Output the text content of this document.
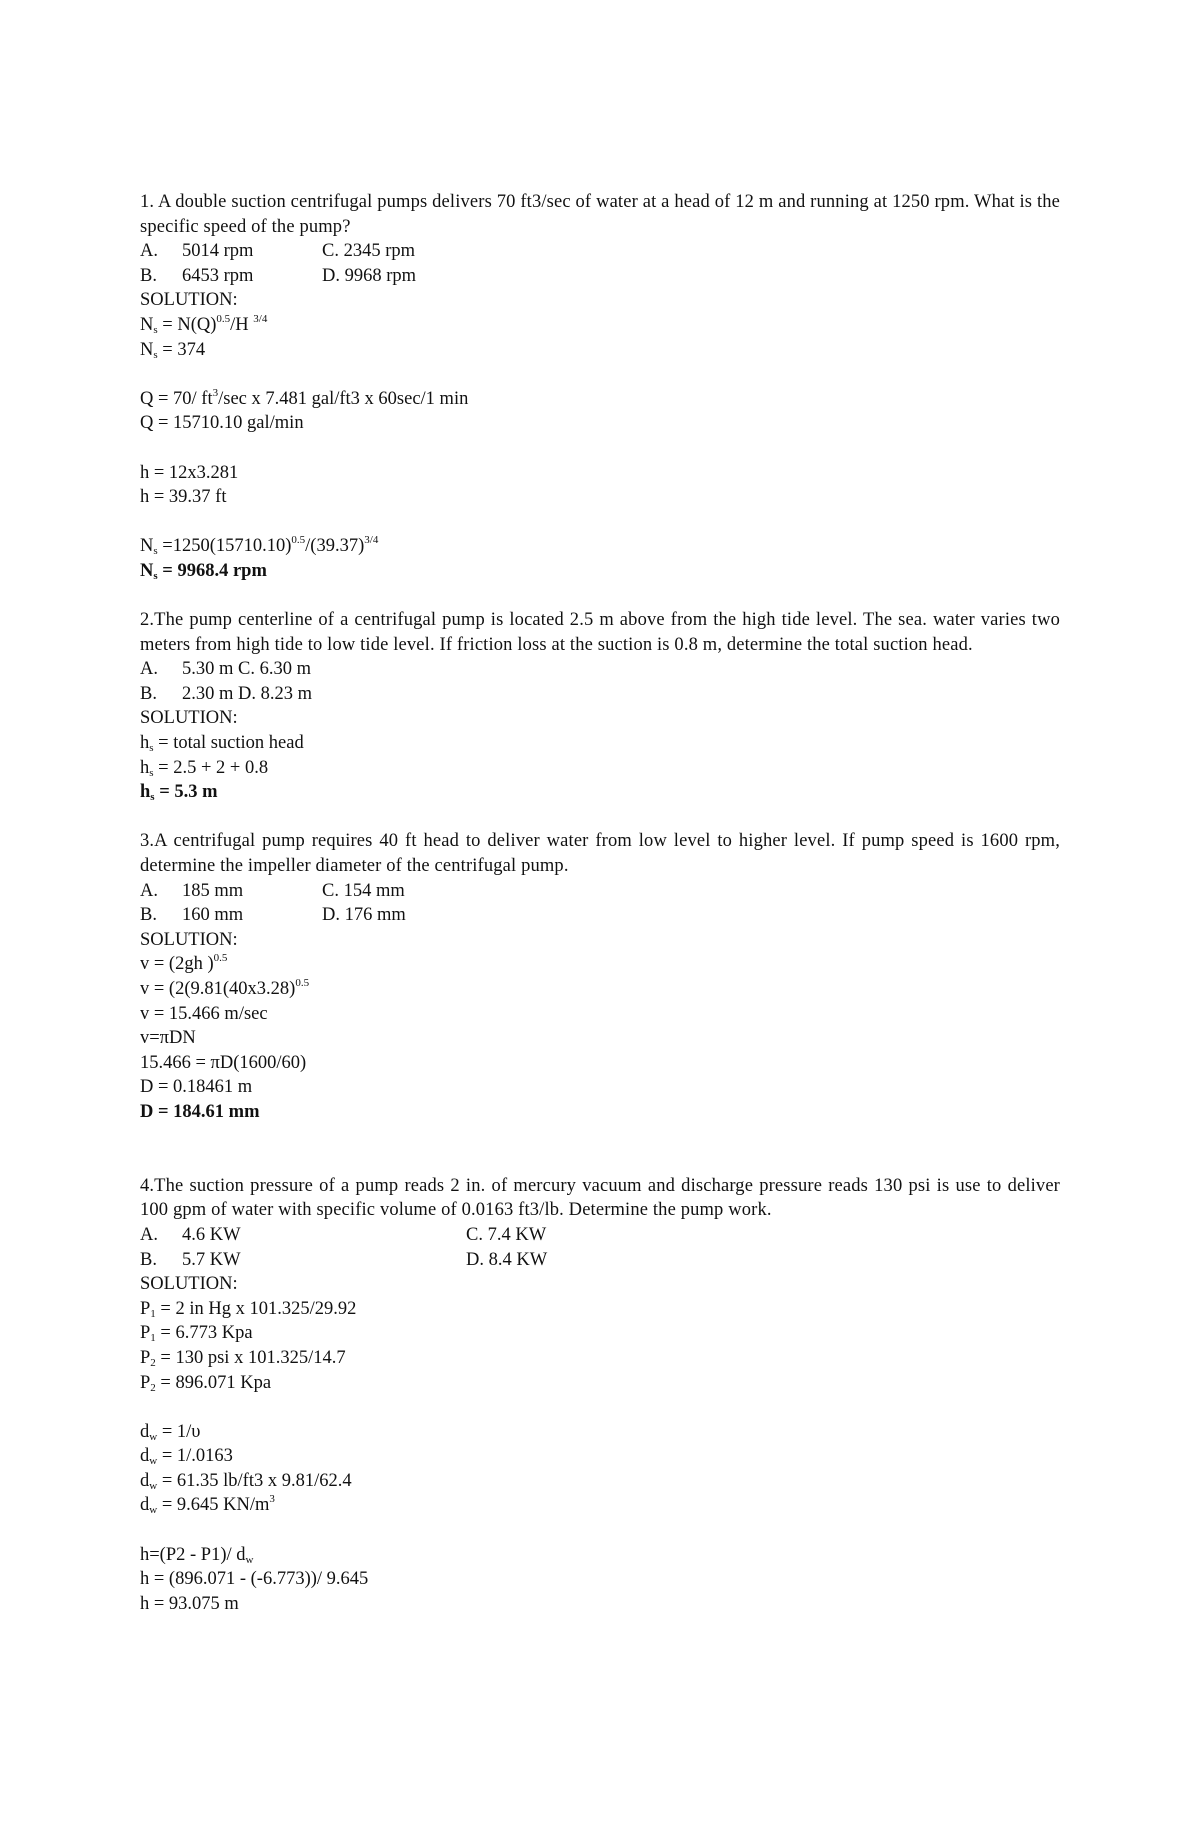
1. A double suction centrifugal pumps delivers 70 ft3/sec of water at a head of 12 m and running at 1250 rpm. What is the specific speed of the pump?
A.	5014 rpm	C. 2345 rpm
B.	6453 rpm	D. 9968 rpm
SOLUTION:
$N_s = N(Q)^{0.5}/H$ $^{3/4}$
$N_s = 374$
Q = 70/ $ft^3/\sec$ x 7.481 gal/ft3 x 60sec/1 min
Q = 15710.10 gal/min
h = 12x3.281
h = 39.37 ft
$N_s =1250(15710.10)^{0.5}/(39.37)^{3/4}$
$N_s = 9968.4$ rpm
2.The pump centerline of a centrifugal pump is located 2.5 m above from the high tide level. The sea. water varies two meters from high tide to low tide level. If friction loss at the suction is 0.8 m, determine the total suction head.
A.	5.30 m C. 6.30 m
B.	2.30 m D. 8.23 m
SOLUTION:
$h_s$ = total suction head
$h_s = 2.5 + 2 + 0.8$
$h_s = 5.3$ m
3.A centrifugal pump requires 40 ft head to deliver water from low level to higher level. If pump speed is 1600 rpm, determine the impeller diameter of the centrifugal pump.
A.	185 mm	C. 154 mm
B.	160 mm	D. 176 mm
SOLUTION:
v = (2gh )$^{0.5}$
$v = (2(9.81(40x3.28)^{0.5}$
v = 15.466 m/sec
v=πDN
15.466 = πD(1600/60)
D = 0.18461 m
D = 184.61 mm
4.The suction pressure of a pump reads 2 in. of mercury vacuum and discharge pressure reads 130 psi is use to deliver 100 gpm of water with specific volume of 0.0163 ft3/lb. Determine the pump work.
A.	4.6 KW	C. 7.4 KW
B.	5.7 KW	D. 8.4 KW
SOLUTION:
$P_1 = 2$ in Hg x 101.325/29.92
$P_1 = 6.773$ Kpa
$P_2 = 130$ psi x 101.325/14.7
$P_2 = 896.071$ Kpa
$d_w = 1/\upsilon$
$d_w = 1/.0163$
$d_w = 61.35$ lb/ft3 x 9.81/62.4
$d_w = 9.645$ $KN/m^3$
h=(P2 - P1)/ $d_w$
h = (896.071 - (-6.773))/ 9.645
h = 93.075 m
